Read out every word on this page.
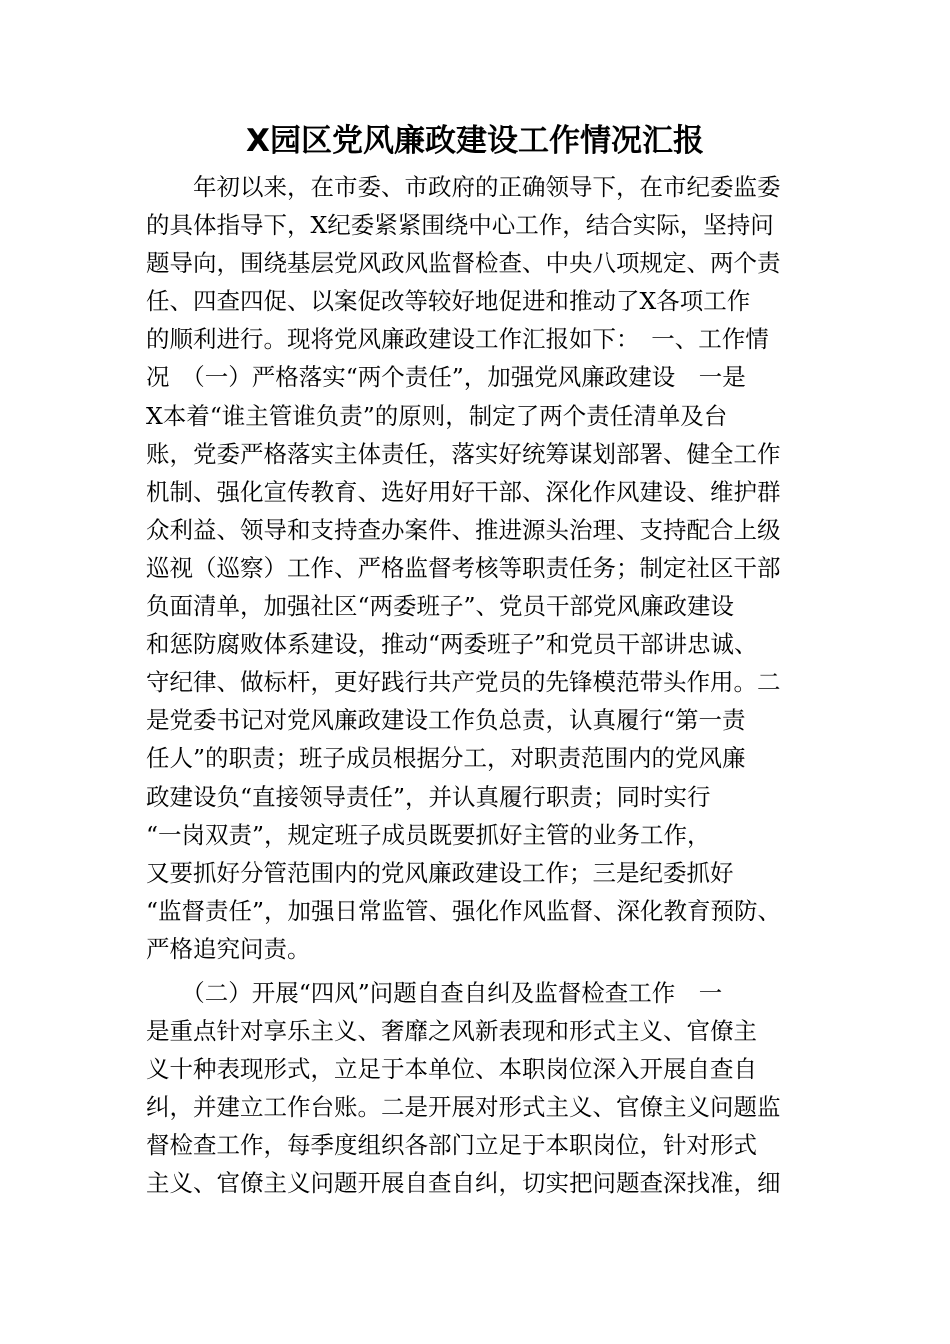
X园区党风廉政建设工作情况汇报
　　年初以来，在市委、市政府的正确领导下，在市纪委监委
的具体指导下，X纪委紧紧围绕中心工作，结合实际，坚持问
题导向，围绕基层党风政风监督检查、中央八项规定、两个责
任、四查四促、以案促改等较好地促进和推动了X各项工作
的顺利进行。现将党风廉政建设工作汇报如下：　一、工作情
况　（一）严格落实“两个责任”，加强党风廉政建设　一是
X本着“谁主管谁负责”的原则，制定了两个责任清单及台
账，党委严格落实主体责任，落实好统筹谋划部署、健全工作
机制、强化宣传教育、选好用好干部、深化作风建设、维护群
众利益、领导和支持查办案件、推进源头治理、支持配合上级
巡视（巡察）工作、严格监督考核等职责任务；制定社区干部
负面清单，加强社区“两委班子”、党员干部党风廉政建设
和惩防腐败体系建设，推动“两委班子”和党员干部讲忠诚、
守纪律、做标杆，更好践行共产党员的先锋模范带头作用。二
是党委书记对党风廉政建设工作负总责，认真履行“第一责
任人”的职责；班子成员根据分工，对职责范围内的党风廉
政建设负“直接领导责任”，并认真履行职责；同时实行
“一岗双责”，规定班子成员既要抓好主管的业务工作，
又要抓好分管范围内的党风廉政建设工作；三是纪委抓好
“监督责任”，加强日常监管、强化作风监督、深化教育预防、
严格追究问责。
　　（二）开展“四风”问题自查自纠及监督检查工作　一
是重点针对享乐主义、奢靡之风新表现和形式主义、官僚主
义十种表现形式，立足于本单位、本职岗位深入开展自查自
纠，并建立工作台账。二是开展对形式主义、官僚主义问题监
督检查工作，每季度组织各部门立足于本职岗位，针对形式
主义、官僚主义问题开展自查自纠，切实把问题查深找准，细
